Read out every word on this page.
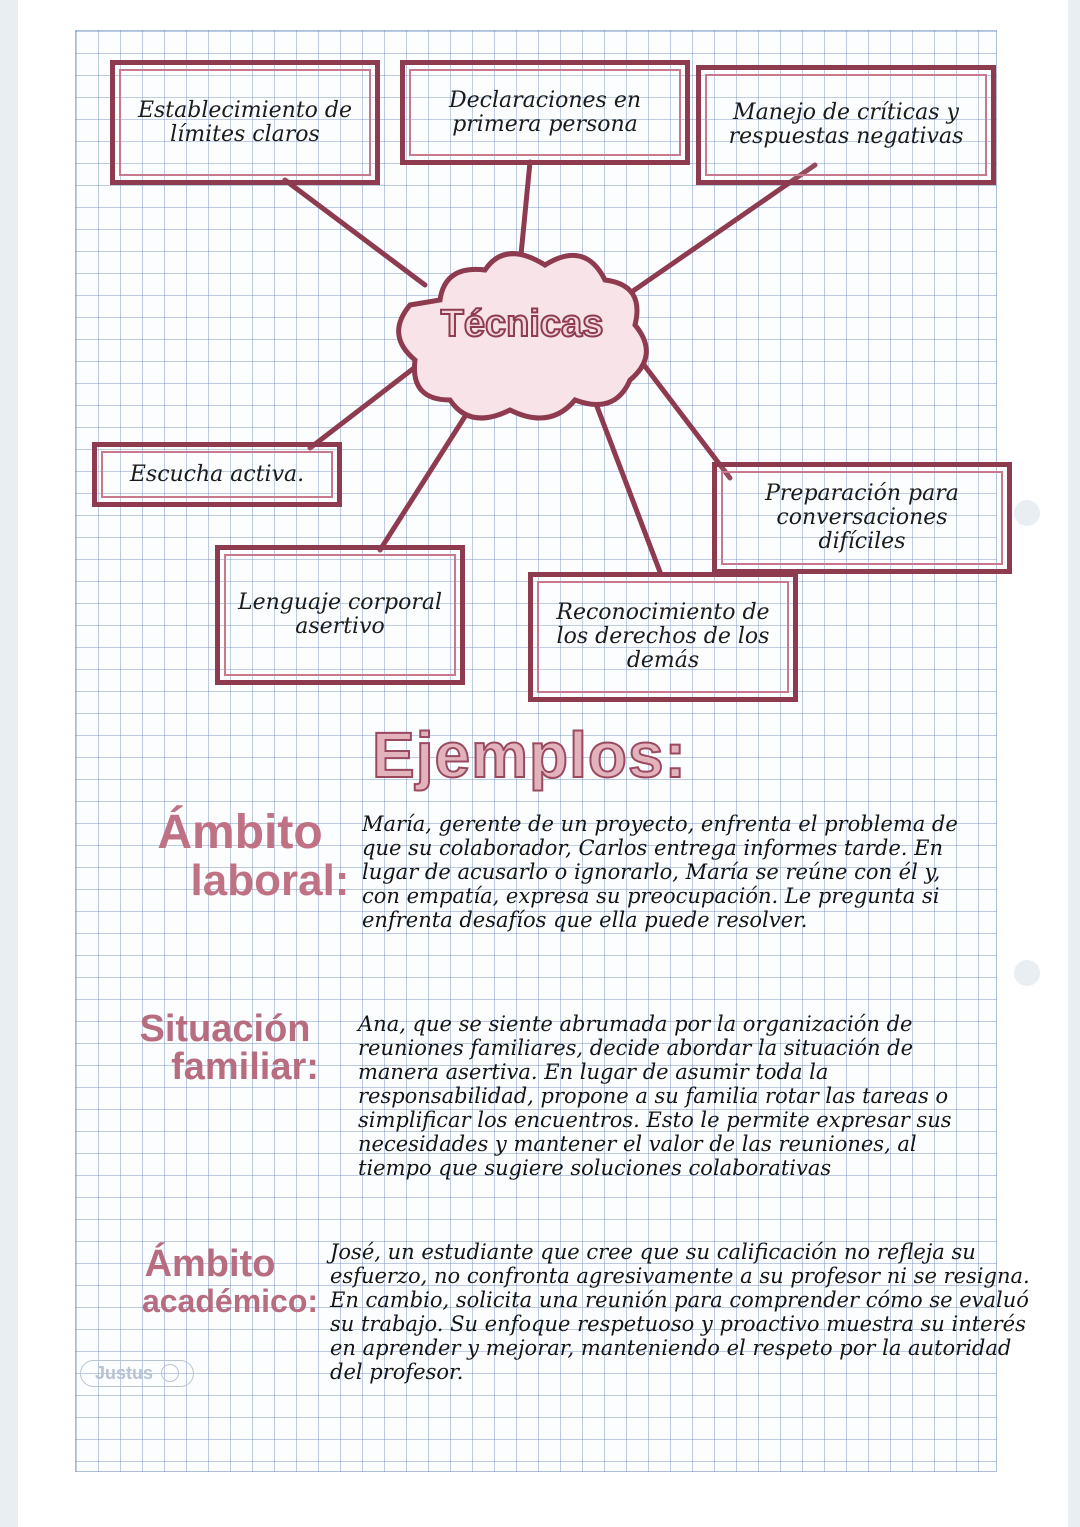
Justus
Técnicas
Establecimiento de límites claros
Declaraciones en primera persona	Manejo de críticas y respuestas negativas
Escucha activa.
Preparación para conversaciones difíciles
Lenguaje corporal asertivo
Reconocimiento de los derechos de los demás
Ejemplos:
Ámbito
laboral:
María, gerente de un proyecto, enfrenta el problema de que su colaborador, Carlos entrega informes tarde. En lugar de acusarlo o ignorarlo, María se reúne con él y, con empatía, expresa su preocupación. Le pregunta si enfrenta desafíos que ella puede resolver.
Situación
familiar:
Ana, que se siente abrumada por la organización de reuniones familiares, decide abordar la situación de manera asertiva. En lugar de asumir toda la responsabilidad, propone a su familia rotar las tareas o simplificar los encuentros. Esto le permite expresar sus necesidades y mantener el valor de las reuniones, al tiempo que sugiere soluciones colaborativas
Ámbito
académico:
José, un estudiante que cree que su calificación no refleja su esfuerzo, no confronta agresivamente a su profesor ni se resigna. En cambio, solicita una reunión para comprender cómo se evaluó su trabajo. Su enfoque respetuoso y proactivo muestra su interés en aprender y mejorar, manteniendo el respeto por la autoridad del profesor.
